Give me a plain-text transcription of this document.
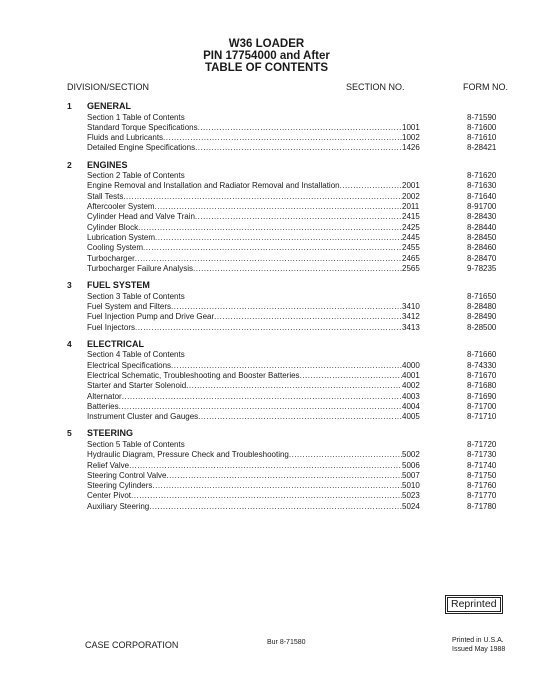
W36 LOADER
PIN 17754000 and After
TABLE OF CONTENTS
DIVISION/SECTION	SECTION NO.	FORM NO.
1 GENERAL
Section 1 Table of Contents	8-71590
Standard Torque Specifications .....	1001	8-71600
Fluids and Lubricants .....	1002	8-71610
Detailed Engine Specifications .....	1426	8-28421
2 ENGINES
Section 2 Table of Contents	8-71620
Engine Removal and Installation and Radiator Removal and Installation .....	2001	8-71630
Stall Tests .....	2002	8-71640
Aftercooler System .....	2011	8-91700
Cylinder Head and Valve Train .....	2415	8-28430
Cylinder Block .....	2425	8-28440
Lubrication System .....	2445	8-28450
Cooling System .....	2455	8-28460
Turbocharger .....	2465	8-28470
Turbocharger Failure Analysis .....	2565	9-78235
3 FUEL SYSTEM
Section 3 Table of Contents	8-71650
Fuel System and Filters .....	3410	8-28480
Fuel Injection Pump and Drive Gear .....	3412	8-28490
Fuel Injectors .....	3413	8-28500
4 ELECTRICAL
Section 4 Table of Contents	8-71660
Electrical Specifications .....	4000	8-74330
Electrical Schematic, Troubleshooting and Booster Batteries .....	4001	8-71670
Starter and Starter Solenoid .....	4002	8-71680
Alternator .....	4003	8-71690
Batteries .....	4004	8-71700
Instrument Cluster and Gauges .....	4005	8-71710
5 STEERING
Section 5 Table of Contents	8-71720
Hydraulic Diagram, Pressure Check and Troubleshooting .....	5002	8-71730
Relief Valve .....	5006	8-71740
Steering Control Valve .....	5007	8-71750
Steering Cylinders .....	5010	8-71760
Center Pivot .....	5023	8-71770
Auxiliary Steering .....	5024	8-71780
Reprinted
CASE CORPORATION	Bur 8-71580	Printed in U.S.A.
Issued May 1988
